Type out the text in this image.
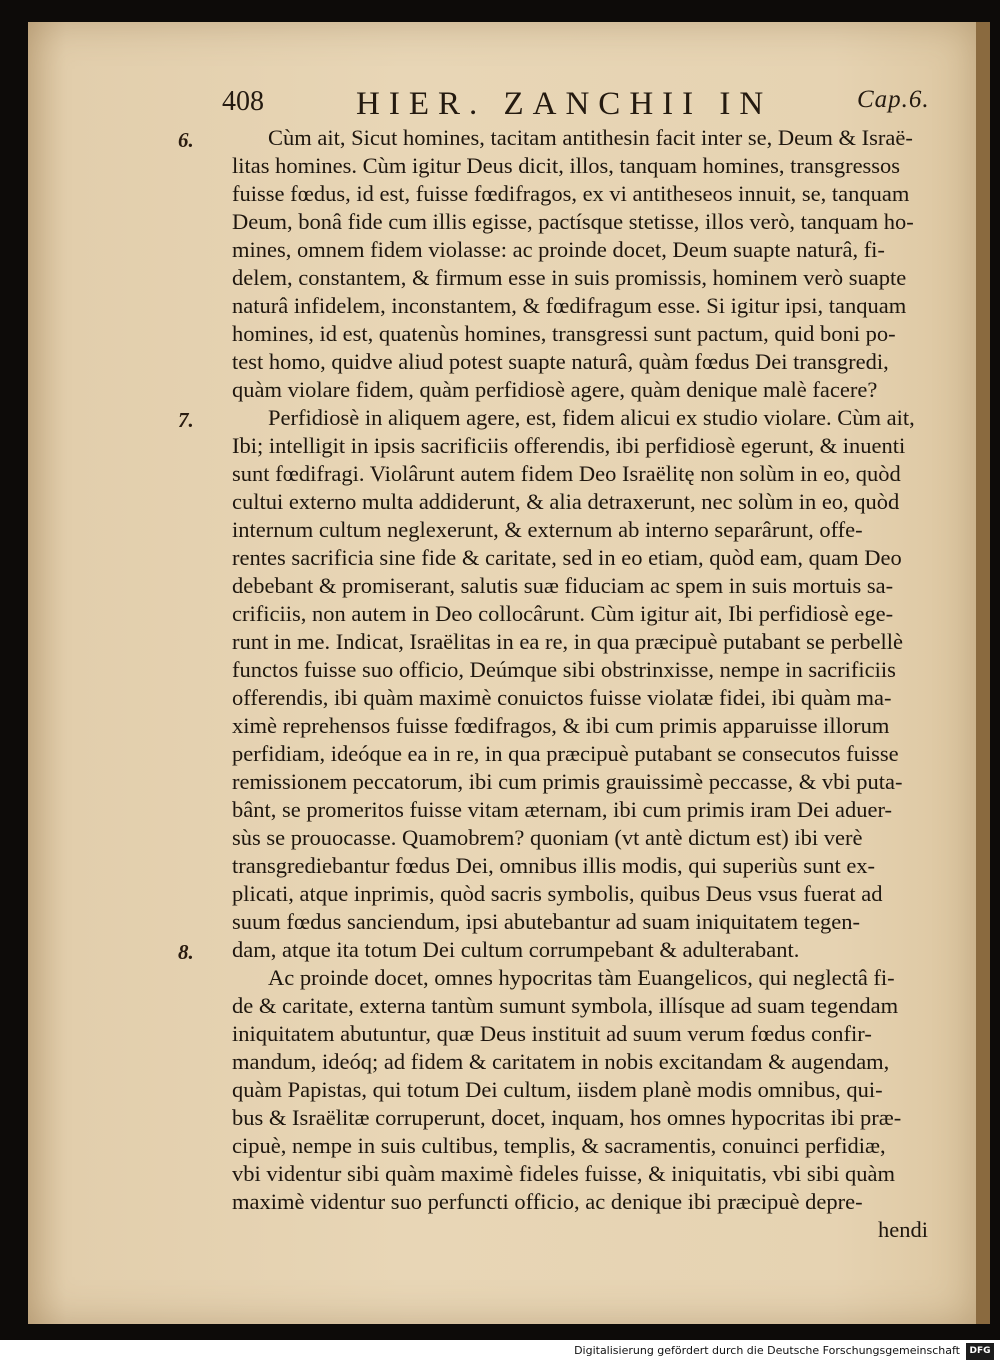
408	HIER. ZANCHII IN	Cap.6.
6.
7.
8.
Cùm ait, Sicut homines, tacitam antithesin facit inter se, Deum & Israë-
litas homines. Cùm igitur Deus dicit, illos, tanquam homines, transgressos
fuisse fœdus, id est, fuisse fœdifragos, ex vi antitheseos innuit, se, tanquam
Deum, bonâ fide cum illis egisse, pactísque stetisse, illos verò, tanquam ho-
mines, omnem fidem violasse: ac proinde docet, Deum suapte naturâ, fi-
delem, constantem, & firmum esse in suis promissis, hominem verò suapte
naturâ infidelem, inconstantem, & fœdifragum esse. Si igitur ipsi, tanquam
homines, id est, quatenùs homines, transgressi sunt pactum, quid boni po-
test homo, quidve aliud potest suapte naturâ, quàm fœdus Dei transgredi,
quàm violare fidem, quàm perfidiosè agere, quàm denique malè facere?
Perfidiosè in aliquem agere, est, fidem alicui ex studio violare. Cùm ait,
Ibi; intelligit in ipsis sacrificiis offerendis, ibi perfidiosè egerunt, & inuenti
sunt fœdifragi. Violârunt autem fidem Deo Israëlitę non solùm in eo, quòd
cultui externo multa addiderunt, & alia detraxerunt, nec solùm in eo, quòd
internum cultum neglexerunt, & externum ab interno separârunt, offe-
rentes sacrificia sine fide & caritate, sed in eo etiam, quòd eam, quam Deo
debebant & promiserant, salutis suæ fiduciam ac spem in suis mortuis sa-
crificiis, non autem in Deo collocârunt. Cùm igitur ait, Ibi perfidiosè ege-
runt in me. Indicat, Israëlitas in ea re, in qua præcipuè putabant se perbellè
functos fuisse suo officio, Deúmque sibi obstrinxisse, nempe in sacrificiis
offerendis, ibi quàm maximè conuictos fuisse violatæ fidei, ibi quàm ma-
ximè reprehensos fuisse fœdifragos, & ibi cum primis apparuisse illorum
perfidiam, ideóque ea in re, in qua præcipuè putabant se consecutos fuisse
remissionem peccatorum, ibi cum primis grauissimè peccasse, & vbi puta-
bânt, se promeritos fuisse vitam æternam, ibi cum primis iram Dei aduer-
sùs se prouocasse. Quamobrem? quoniam (vt antè dictum est) ibi verè
transgrediebantur fœdus Dei, omnibus illis modis, qui superiùs sunt ex-
plicati, atque inprimis, quòd sacris symbolis, quibus Deus vsus fuerat ad
suum fœdus sanciendum, ipsi abutebantur ad suam iniquitatem tegen-
dam, atque ita totum Dei cultum corrumpebant & adulterabant.
Ac proinde docet, omnes hypocritas tàm Euangelicos, qui neglectâ fi-
de & caritate, externa tantùm sumunt symbola, illísque ad suam tegendam
iniquitatem abutuntur, quæ Deus instituit ad suum verum fœdus confir-
mandum, ideóq; ad fidem & caritatem in nobis excitandam & augendam,
quàm Papistas, qui totum Dei cultum, iisdem planè modis omnibus, qui-
bus & Israëlitæ corruperunt, docet, inquam, hos omnes hypocritas ibi præ-
cipuè, nempe in suis cultibus, templis, & sacramentis, conuinci perfidiæ,
vbi videntur sibi quàm maximè fideles fuisse, & iniquitatis, vbi sibi quàm
maximè videntur suo perfuncti officio, ac denique ibi præcipuè depre-
hendi
Digitalisierung gefördert durch die Deutsche Forschungsgemeinschaft	DFG
